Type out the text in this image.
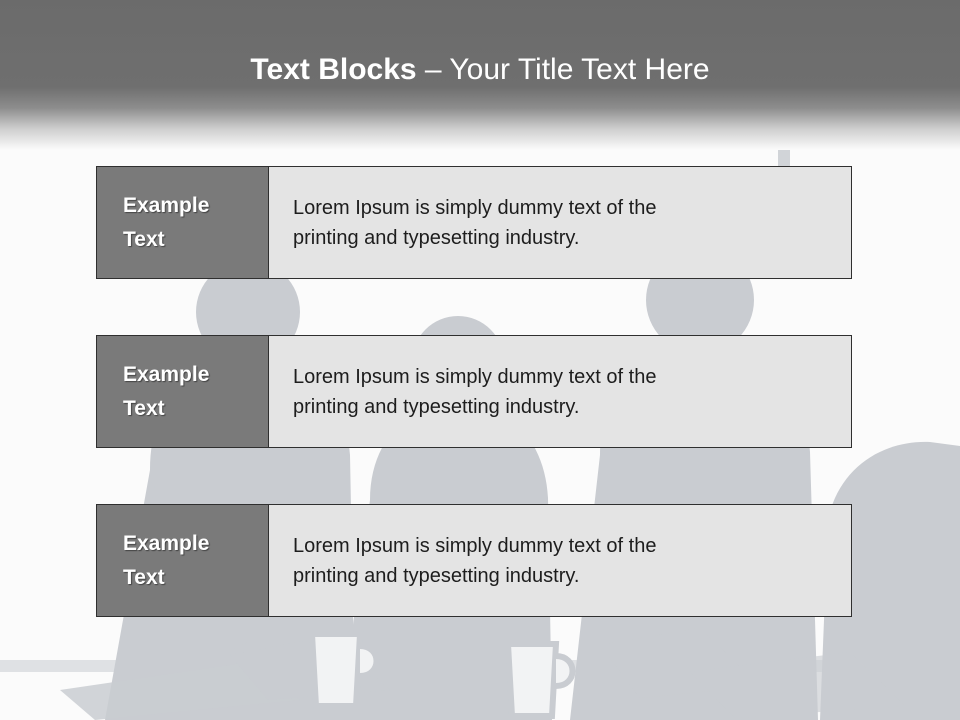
Text Blocks – Your Title Text Here
Example
Text

Lorem Ipsum is simply dummy text of the

printing and typesetting industry.

Example
Text

Lorem Ipsum is simply dummy text of the

printing and typesetting industry.

Example
Text

Lorem Ipsum is simply dummy text of the

printing and typesetting industry.
